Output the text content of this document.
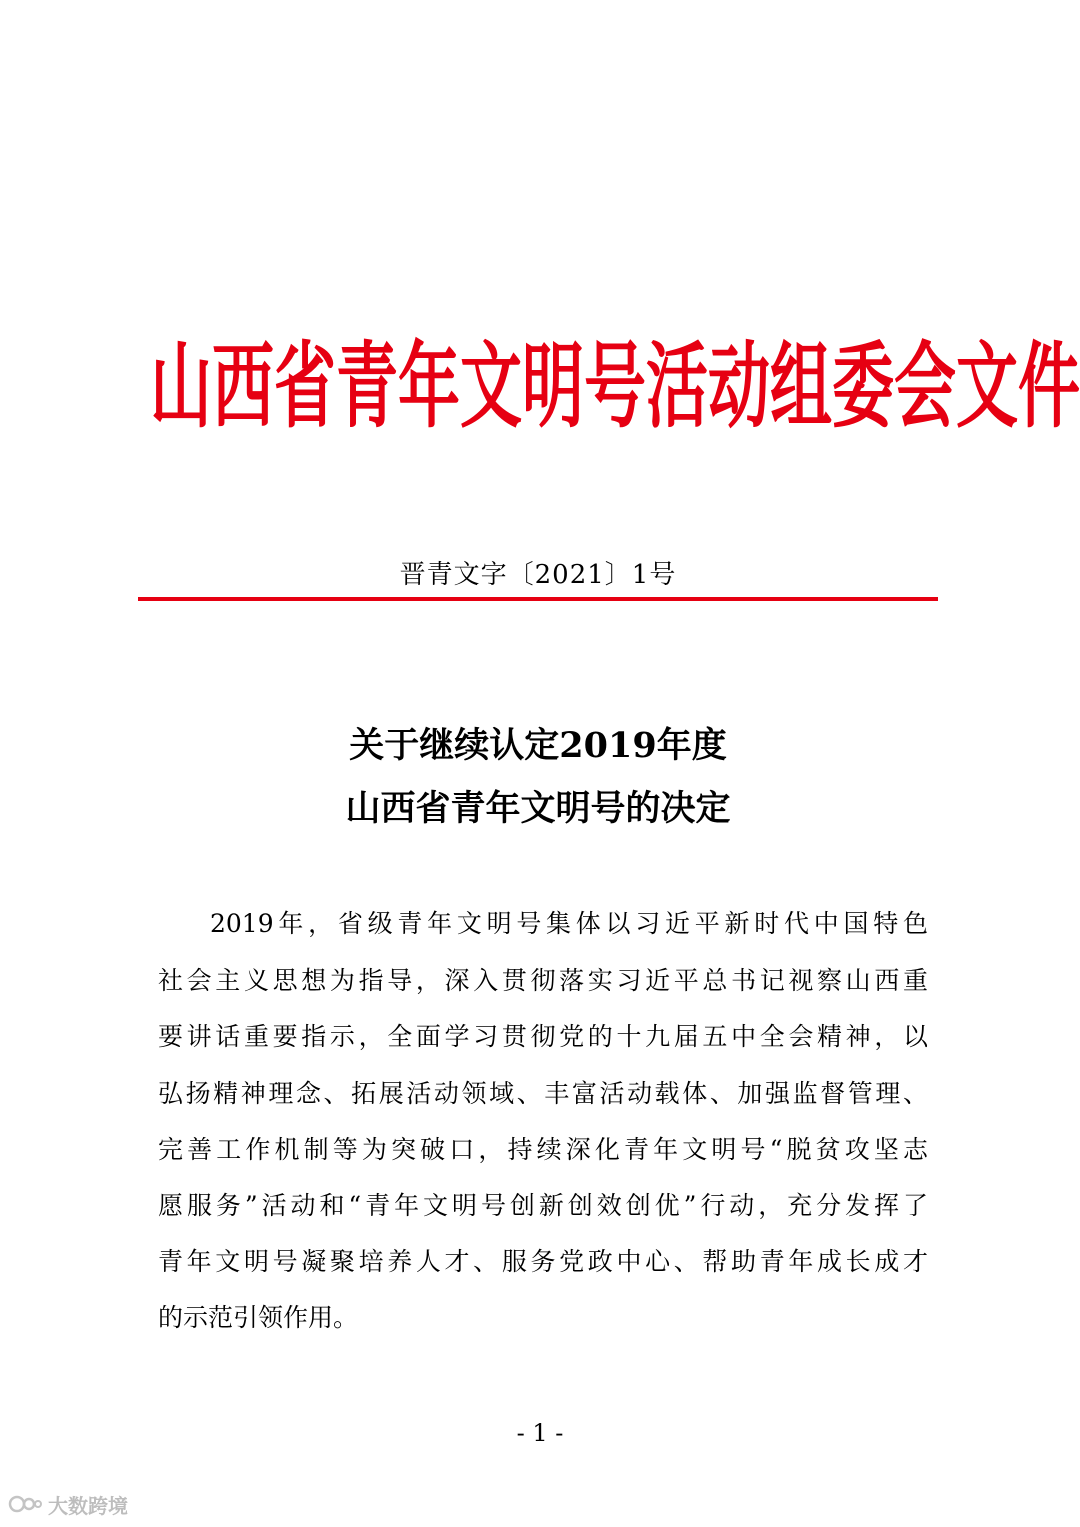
山西省青年文明号活动组委会文件
晋青文字〔2021〕1号
关于继续认定2019年度
山西省青年文明号的决定
2019年，省级青年文明号集体以习近平新时代中国特色
社会主义思想为指导，深入贯彻落实习近平总书记视察山西重
要讲话重要指示，全面学习贯彻党的十九届五中全会精神，以
弘扬精神理念、拓展活动领域、丰富活动载体、加强监督管理、
完善工作机制等为突破口，持续深化青年文明号“脱贫攻坚志
愿服务”活动和“青年文明号创新创效创优”行动，充分发挥了
青年文明号凝聚培养人才、服务党政中心、帮助青年成长成才
的示范引领作用。
- 1 -
大数跨境
